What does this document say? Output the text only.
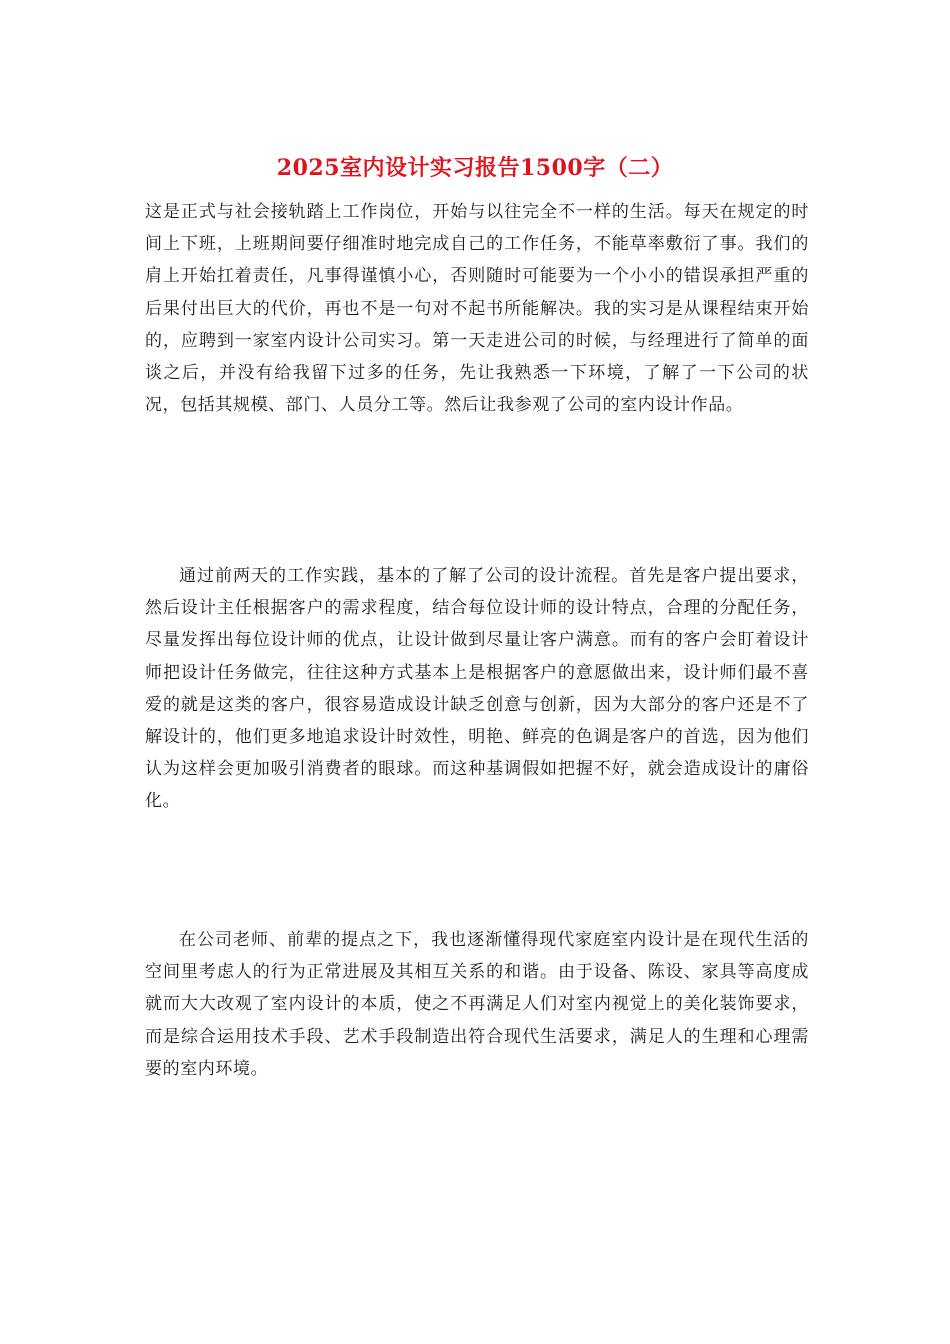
2025室内设计实习报告1500字（二）

这是正式与社会接轨踏上工作岗位，开始与以往完全不一样的生活。每天在规定的时间上下班，上班期间要仔细准时地完成自己的工作任务，不能草率敷衍了事。我们的肩上开始扛着责任，凡事得谨慎小心，否则随时可能要为一个小小的错误承担严重的后果付出巨大的代价，再也不是一句对不起书所能解决。我的实习是从课程结束开始的，应聘到一家室内设计公司实习。第一天走进公司的时候，与经理进行了简单的面谈之后，并没有给我留下过多的任务，先让我熟悉一下环境，了解了一下公司的状况，包括其规模、部门、人员分工等。然后让我参观了公司的室内设计作品。

通过前两天的工作实践，基本的了解了公司的设计流程。首先是客户提出要求，然后设计主任根据客户的需求程度，结合每位设计师的设计特点，合理的分配任务，尽量发挥出每位设计师的优点，让设计做到尽量让客户满意。而有的客户会盯着设计师把设计任务做完，往往这种方式基本上是根据客户的意愿做出来，设计师们最不喜爱的就是这类的客户，很容易造成设计缺乏创意与创新，因为大部分的客户还是不了解设计的，他们更多地追求设计时效性，明艳、鲜亮的色调是客户的首选，因为他们认为这样会更加吸引消费者的眼球。而这种基调假如把握不好，就会造成设计的庸俗化。

在公司老师、前辈的提点之下，我也逐渐懂得现代家庭室内设计是在现代生活的空间里考虑人的行为正常进展及其相互关系的和谐。由于设备、陈设、家具等高度成就而大大改观了室内设计的本质，使之不再满足人们对室内视觉上的美化装饰要求，而是综合运用技术手段、艺术手段制造出符合现代生活要求，满足人的生理和心理需要的室内环境。
